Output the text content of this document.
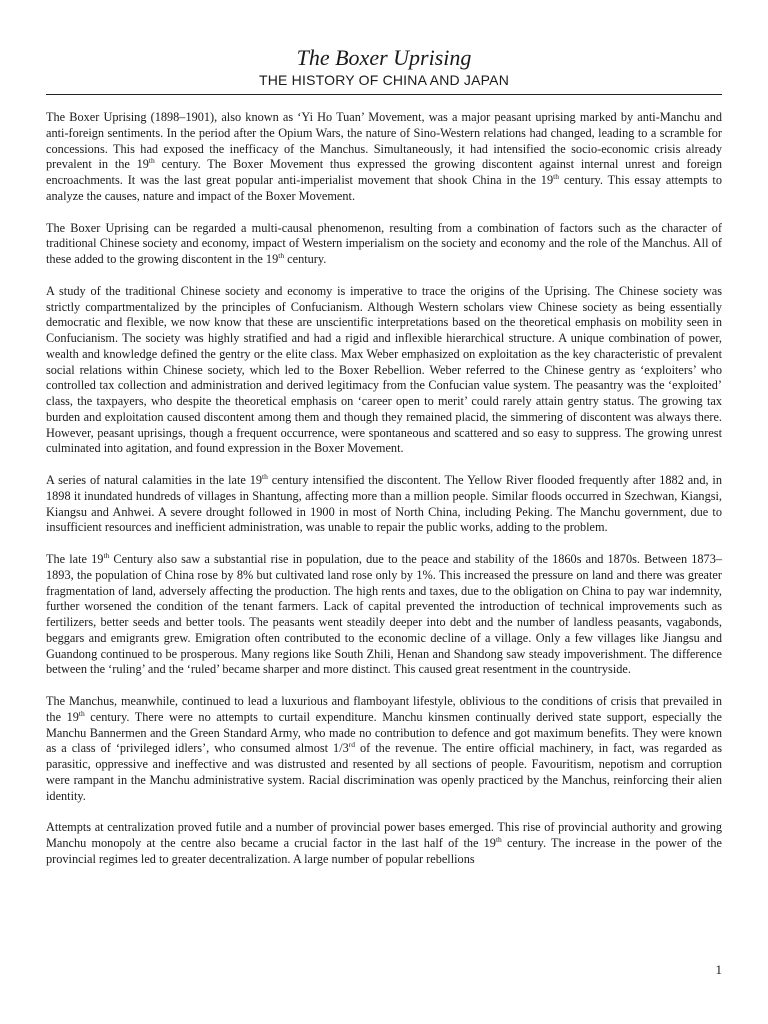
The Boxer Uprising
THE HISTORY OF CHINA AND JAPAN

The Boxer Uprising (1898–1901), also known as ‘Yi Ho Tuan’ Movement, was a major peasant uprising marked by anti-Manchu and anti-foreign sentiments. In the period after the Opium Wars, the nature of Sino-Western relations had changed, leading to a scramble for concessions. This had exposed the inefficacy of the Manchus. Simultaneously, it had intensified the socio-economic crisis already prevalent in the 19th century. The Boxer Movement thus expressed the growing discontent against internal unrest and foreign encroachments. It was the last great popular anti-imperialist movement that shook China in the 19th century. This essay attempts to analyze the causes, nature and impact of the Boxer Movement.

The Boxer Uprising can be regarded a multi-causal phenomenon, resulting from a combination of factors such as the character of traditional Chinese society and economy, impact of Western imperialism on the society and economy and the role of the Manchus. All of these added to the growing discontent in the 19th century.

A study of the traditional Chinese society and economy is imperative to trace the origins of the Uprising. The Chinese society was strictly compartmentalized by the principles of Confucianism. Although Western scholars view Chinese society as being essentially democratic and flexible, we now know that these are unscientific interpretations based on the theoretical emphasis on mobility seen in Confucianism. The society was highly stratified and had a rigid and inflexible hierarchical structure. A unique combination of power, wealth and knowledge defined the gentry or the elite class. Max Weber emphasized on exploitation as the key characteristic of prevalent social relations within Chinese society, which led to the Boxer Rebellion. Weber referred to the Chinese gentry as ‘exploiters’ who controlled tax collection and administration and derived legitimacy from the Confucian value system. The peasantry was the ‘exploited’ class, the taxpayers, who despite the theoretical emphasis on ‘career open to merit’ could rarely attain gentry status. The growing tax burden and exploitation caused discontent among them and though they remained placid, the simmering of discontent was always there. However, peasant uprisings, though a frequent occurrence, were spontaneous and scattered and so easy to suppress. The growing unrest culminated into agitation, and found expression in the Boxer Movement.

A series of natural calamities in the late 19th century intensified the discontent. The Yellow River flooded frequently after 1882 and, in 1898 it inundated hundreds of villages in Shantung, affecting more than a million people. Similar floods occurred in Szechwan, Kiangsi, Kiangsu and Anhwei. A severe drought followed in 1900 in most of North China, including Peking. The Manchu government, due to insufficient resources and inefficient administration, was unable to repair the public works, adding to the problem.

The late 19th Century also saw a substantial rise in population, due to the peace and stability of the 1860s and 1870s. Between 1873–1893, the population of China rose by 8% but cultivated land rose only by 1%. This increased the pressure on land and there was greater fragmentation of land, adversely affecting the production. The high rents and taxes, due to the obligation on China to pay war indemnity, further worsened the condition of the tenant farmers. Lack of capital prevented the introduction of technical improvements such as fertilizers, better seeds and better tools. The peasants went steadily deeper into debt and the number of landless peasants, vagabonds, beggars and emigrants grew. Emigration often contributed to the economic decline of a village. Only a few villages like Jiangsu and Guandong continued to be prosperous. Many regions like South Zhili, Henan and Shandong saw steady impoverishment. The difference between the ‘ruling’ and the ‘ruled’ became sharper and more distinct. This caused great resentment in the countryside.

The Manchus, meanwhile, continued to lead a luxurious and flamboyant lifestyle, oblivious to the conditions of crisis that prevailed in the 19th century. There were no attempts to curtail expenditure. Manchu kinsmen continually derived state support, especially the Manchu Bannermen and the Green Standard Army, who made no contribution to defence and got maximum benefits. They were known as a class of ‘privileged idlers’, who consumed almost 1/3rd of the revenue. The entire official machinery, in fact, was regarded as parasitic, oppressive and ineffective and was distrusted and resented by all sections of people. Favouritism, nepotism and corruption were rampant in the Manchu administrative system. Racial discrimination was openly practiced by the Manchus, reinforcing their alien identity.

Attempts at centralization proved futile and a number of provincial power bases emerged. This rise of provincial authority and growing Manchu monopoly at the centre also became a crucial factor in the last half of the 19th century. The increase in the power of the provincial regimes led to greater decentralization. A large number of popular rebellions

1
